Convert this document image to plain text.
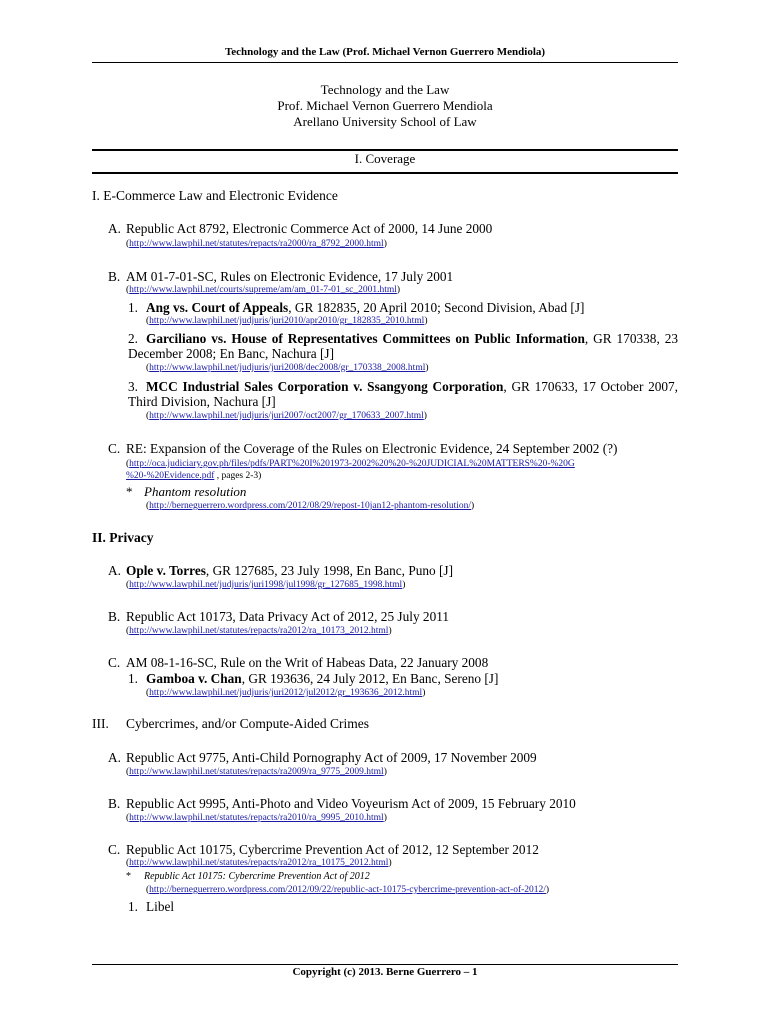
Technology and the Law (Prof. Michael Vernon Guerrero Mendiola)
Technology and the Law
Prof. Michael Vernon Guerrero Mendiola
Arellano University School of Law
I. Coverage
I. E-Commerce Law and Electronic Evidence
A. Republic Act 8792, Electronic Commerce Act of 2000, 14 June 2000
(http://www.lawphil.net/statutes/repacts/ra2000/ra_8792_2000.html)
B. AM 01-7-01-SC, Rules on Electronic Evidence, 17 July 2001
(http://www.lawphil.net/courts/supreme/am/am_01-7-01_sc_2001.html)
1. Ang vs. Court of Appeals, GR 182835, 20 April 2010; Second Division, Abad [J]
(http://www.lawphil.net/judjuris/juri2010/apr2010/gr_182835_2010.html)
2. Garciliano vs. House of Representatives Committees on Public Information, GR 170338, 23 December 2008; En Banc, Nachura [J]
(http://www.lawphil.net/judjuris/juri2008/dec2008/gr_170338_2008.html)
3. MCC Industrial Sales Corporation v. Ssangyong Corporation, GR 170633, 17 October 2007, Third Division, Nachura [J]
(http://www.lawphil.net/judjuris/juri2007/oct2007/gr_170633_2007.html)
C. RE: Expansion of the Coverage of the Rules on Electronic Evidence, 24 September 2002 (?)
(http://oca.judiciary.gov.ph/files/pdfs/PART%20I%201973-2002%20%20-%20JUDICIAL%20MATTERS%20-%20G
%20-%20Evidence.pdf , pages 2-3)
* Phantom resolution
(http://berneguerrero.wordpress.com/2012/08/29/repost-10jan12-phantom-resolution/)
II. Privacy
A. Ople v. Torres, GR 127685, 23 July 1998, En Banc, Puno [J]
(http://www.lawphil.net/judjuris/juri1998/jul1998/gr_127685_1998.html)
B. Republic Act 10173, Data Privacy Act of 2012, 25 July 2011
(http://www.lawphil.net/statutes/repacts/ra2012/ra_10173_2012.html)
C. AM 08-1-16-SC, Rule on the Writ of Habeas Data, 22 January 2008
1. Gamboa v. Chan, GR 193636, 24 July 2012, En Banc, Sereno [J]
(http://www.lawphil.net/judjuris/juri2012/jul2012/gr_193636_2012.html)
III. Cybercrimes, and/or Compute-Aided Crimes
A. Republic Act 9775, Anti-Child Pornography Act of 2009, 17 November 2009
(http://www.lawphil.net/statutes/repacts/ra2009/ra_9775_2009.html)
B. Republic Act 9995, Anti-Photo and Video Voyeurism Act of 2009, 15 February 2010
(http://www.lawphil.net/statutes/repacts/ra2010/ra_9995_2010.html)
C. Republic Act 10175, Cybercrime Prevention Act of 2012, 12 September 2012
(http://www.lawphil.net/statutes/repacts/ra2012/ra_10175_2012.html)
* Republic Act 10175: Cybercrime Prevention Act of 2012
(http://berneguerrero.wordpress.com/2012/09/22/republic-act-10175-cybercrime-prevention-act-of-2012/)
1. Libel
Copyright (c) 2013. Berne Guerrero – 1
